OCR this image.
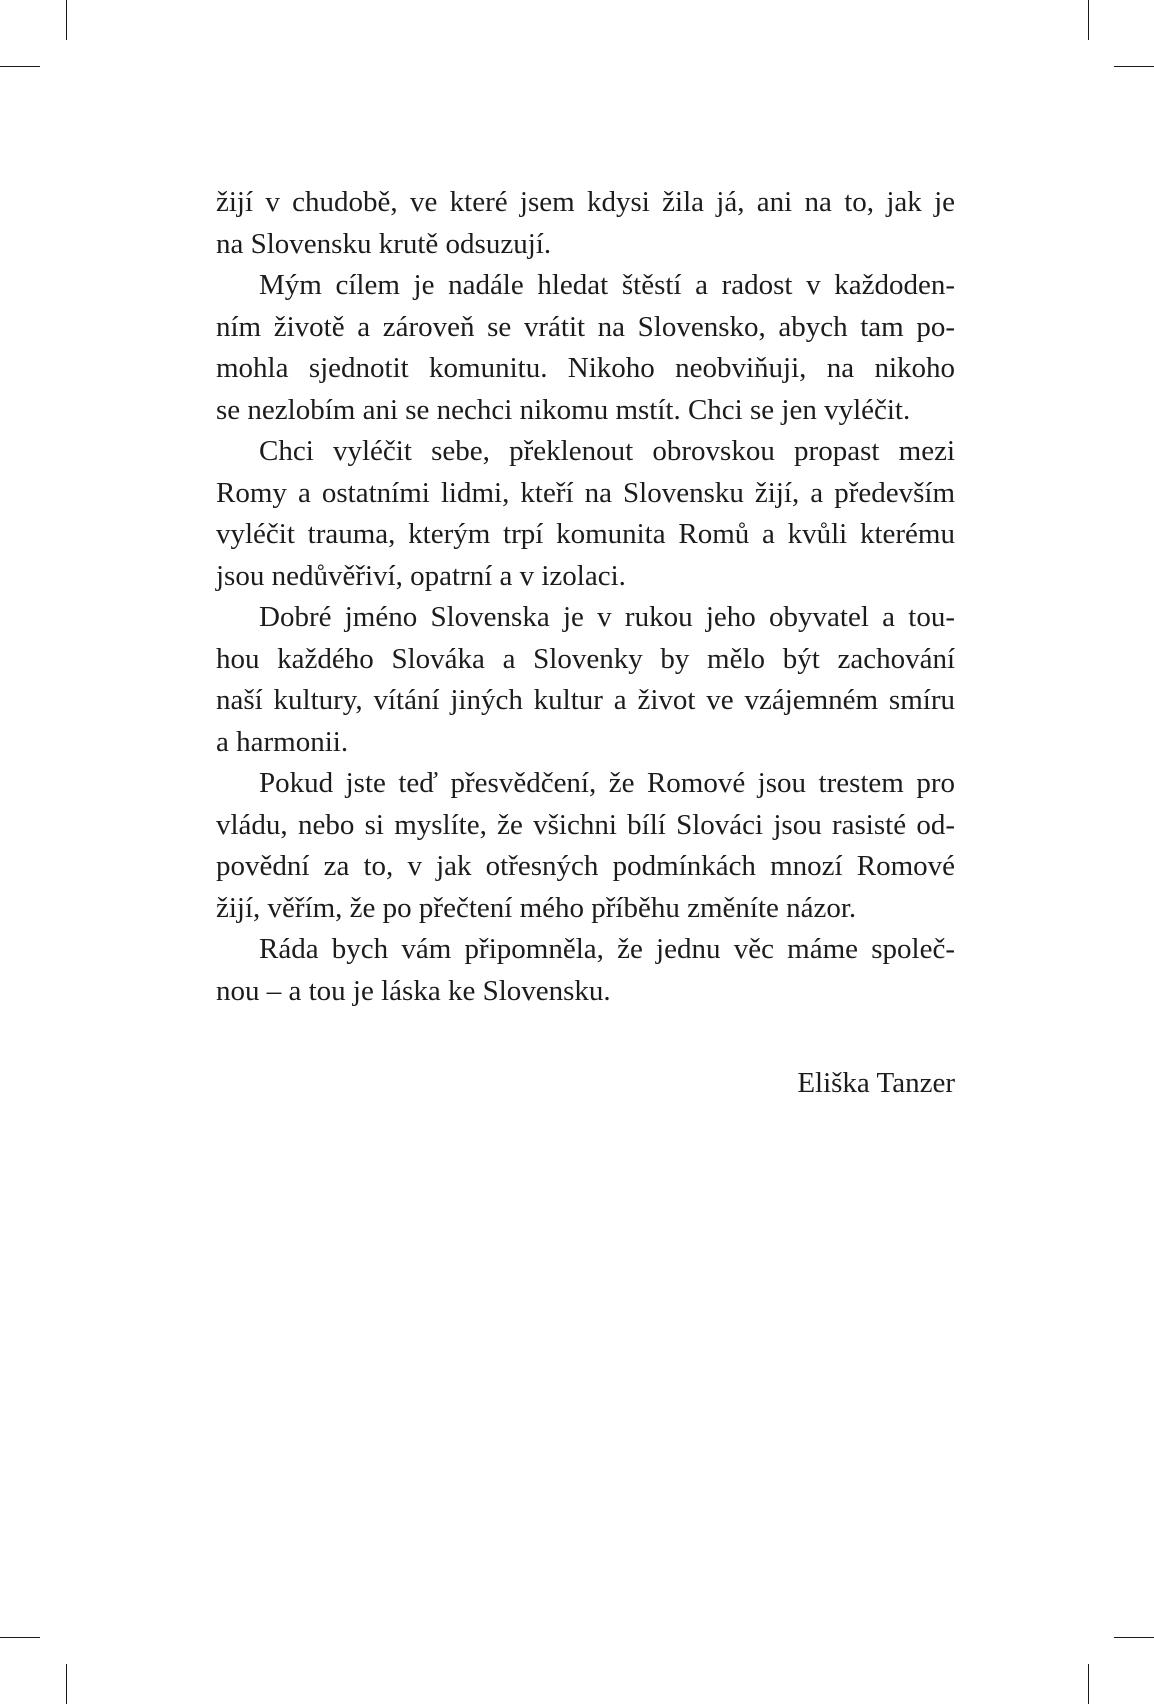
žijí v chudobě, ve které jsem kdysi žila já, ani na to, jak je
na Slovensku krutě odsuzují.
Mým cílem je nadále hledat štěstí a radost v každoden-
ním životě a zároveň se vrátit na Slovensko, abych tam po-
mohla sjednotit komunitu. Nikoho neobviňuji, na nikoho
se nezlobím ani se nechci nikomu mstít. Chci se jen vyléčit.
Chci vyléčit sebe, překlenout obrovskou propast mezi
Romy a ostatními lidmi, kteří na Slovensku žijí, a především
vyléčit trauma, kterým trpí komunita Romů a kvůli kterému
jsou nedůvěřiví, opatrní a v izolaci.
Dobré jméno Slovenska je v rukou jeho obyvatel a tou-
hou každého Slováka a Slovenky by mělo být zachování
naší kultury, vítání jiných kultur a život ve vzájemném smíru
a harmonii.
Pokud jste teď přesvědčení, že Romové jsou trestem pro
vládu, nebo si myslíte, že všichni bílí Slováci jsou rasisté od-
povědní za to, v jak otřesných podmínkách mnozí Romové
žijí, věřím, že po přečtení mého příběhu změníte názor.
Ráda bych vám připomněla, že jednu věc máme společ-
nou – a tou je láska ke Slovensku.
Eliška Tanzer
